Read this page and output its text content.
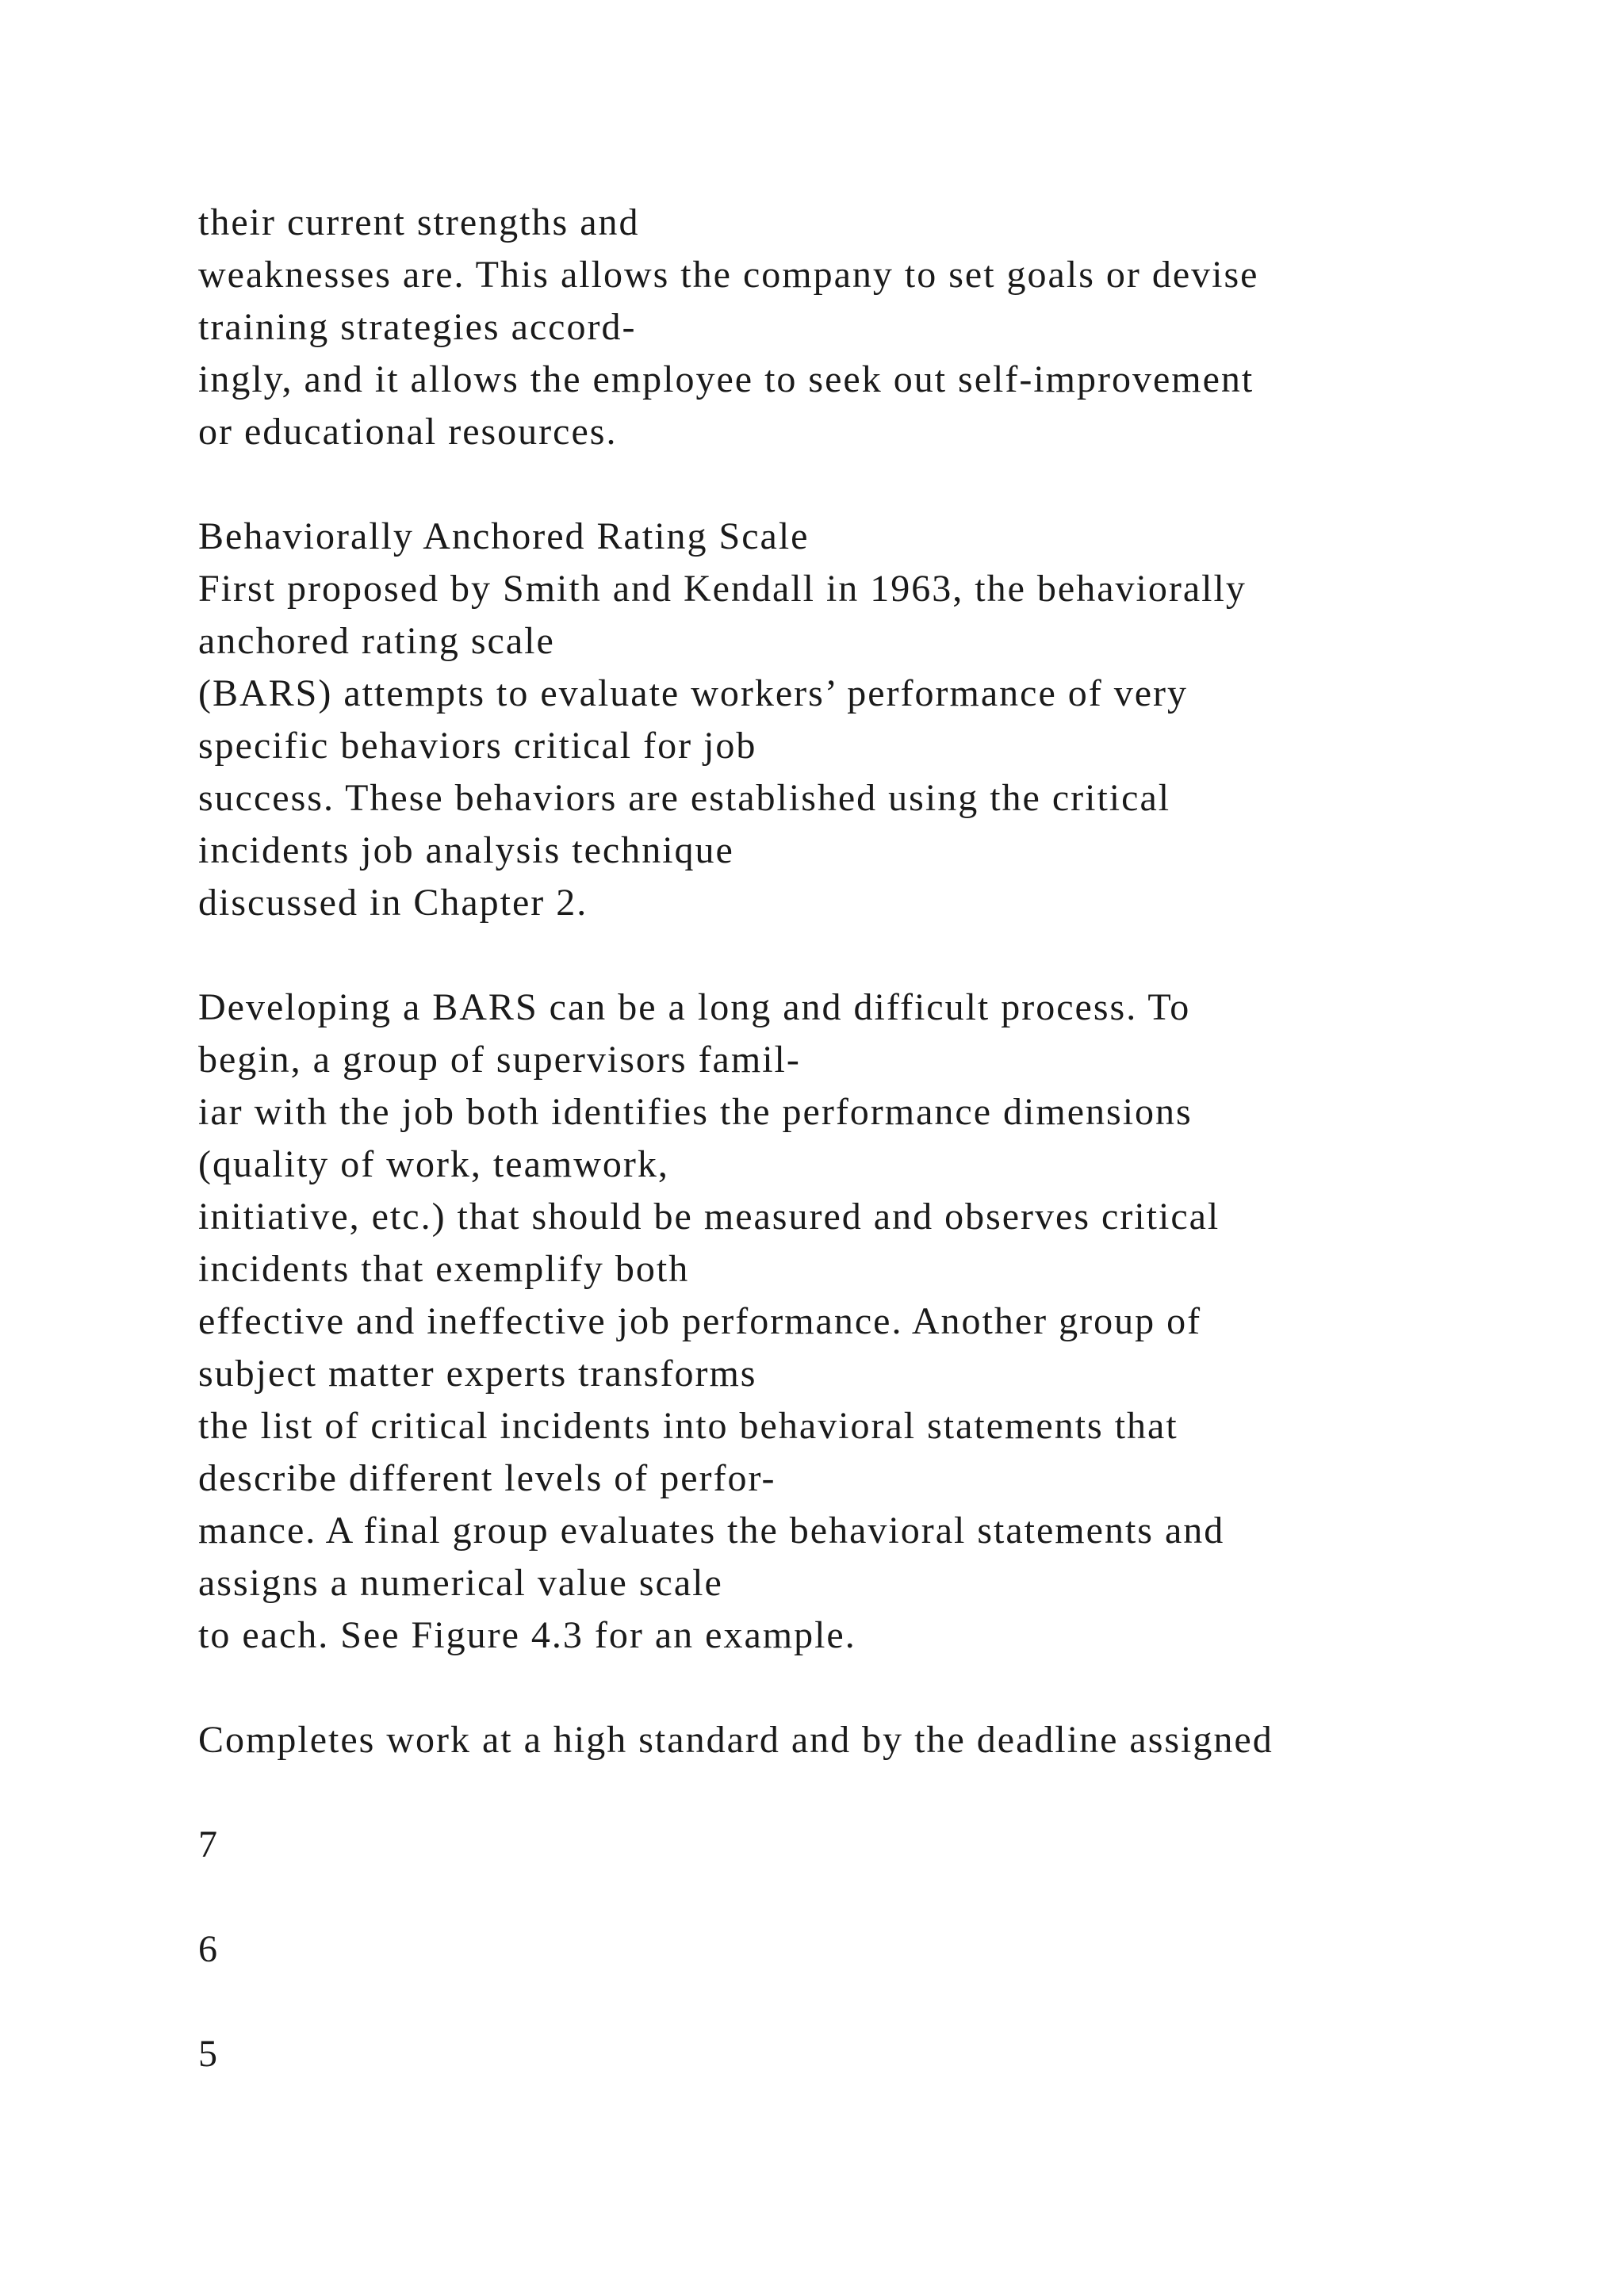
their current strengths and
weaknesses are. This allows the company to set goals or devise
training strategies accord-
ingly, and it allows the employee to seek out self-improvement
or educational resources.
Behaviorally Anchored Rating Scale
First proposed by Smith and Kendall in 1963, the behaviorally
anchored rating scale
(BARS) attempts to evaluate workers’ performance of very
specific behaviors critical for job
success. These behaviors are established using the critical
incidents job analysis technique
discussed in Chapter 2.
Developing a BARS can be a long and difficult process. To
begin, a group of supervisors famil-
iar with the job both identifies the performance dimensions
(quality of work, teamwork,
initiative, etc.) that should be measured and observes critical
incidents that exemplify both
effective and ineffective job performance. Another group of
subject matter experts transforms
the list of critical incidents into behavioral statements that
describe different levels of perfor-
mance. A final group evaluates the behavioral statements and
assigns a numerical value scale
to each. See Figure 4.3 for an example.
Completes work at a high standard and by the deadline assigned
7
6
5
